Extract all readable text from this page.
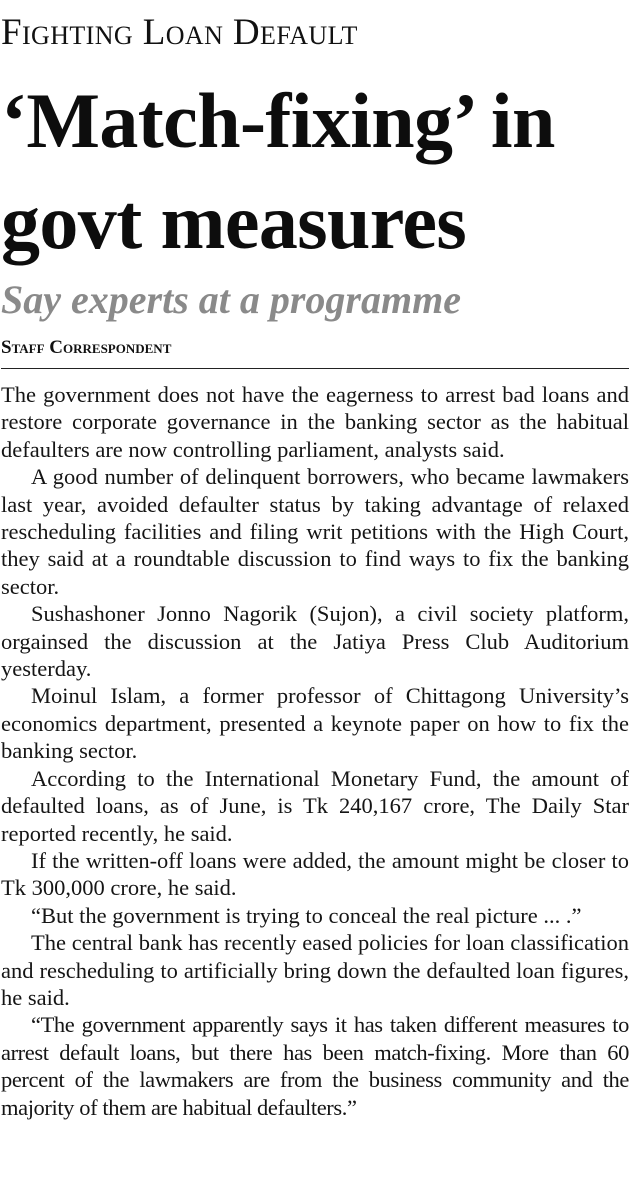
Fighting Loan Default
‘Match-fixing’ in govt measures
Say experts at a programme
Staff Correspondent

The government does not have the eagerness to arrest bad loans and restore corporate governance in the banking sector as the habitual defaulters are now controlling parliament, analysts said.

A good number of delinquent borrowers, who became lawmakers last year, avoided defaulter status by taking advantage of relaxed rescheduling facilities and filing writ petitions with the High Court, they said at a roundtable discussion to find ways to fix the banking sector.

Sushashoner Jonno Nagorik (Sujon), a civil society platform, orgainsed the discussion at the Jatiya Press Club Auditorium yesterday.

Moinul Islam, a former professor of Chittagong University’s economics department, presented a keynote paper on how to fix the banking sector.

According to the International Monetary Fund, the amount of defaulted loans, as of June, is Tk 240,167 crore, The Daily Star reported recently, he said.

If the written-off loans were added, the amount might be closer to Tk 300,000 crore, he said.

“But the government is trying to conceal the real picture ... .”

The central bank has recently eased policies for loan classification and rescheduling to artificially bring down the defaulted loan figures, he said.

“The government apparently says it has taken different measures to arrest default loans, but there has been match-fixing. More than 60 percent of the lawmakers are from the business community and the majority of them are habitual defaulters.”
